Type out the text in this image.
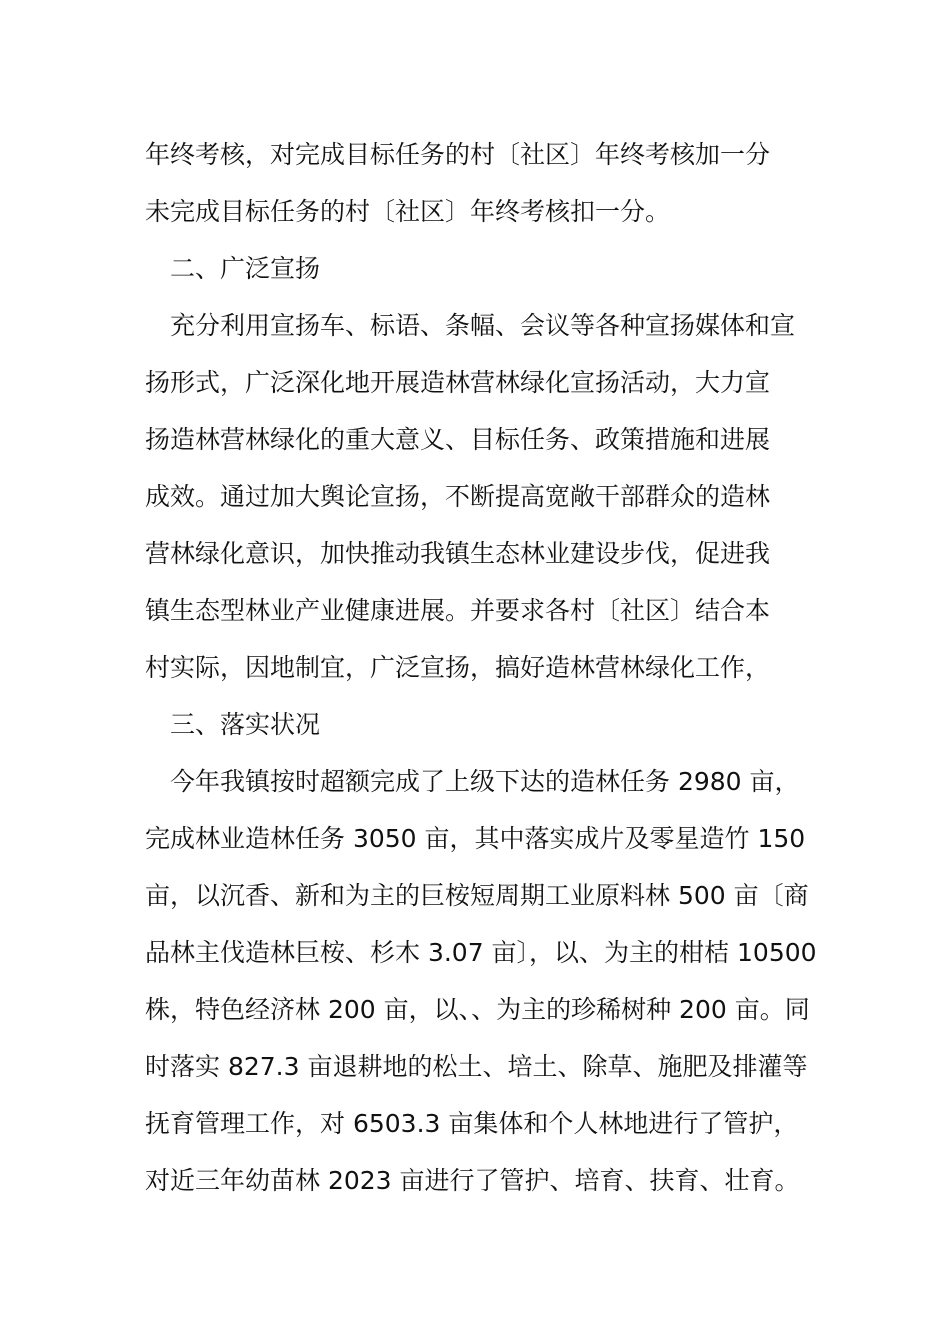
年终考核，对完成目标任务的村〔社区〕年终考核加一分
未完成目标任务的村〔社区〕年终考核扣一分。
二、广泛宣扬
充分利用宣扬车、标语、条幅、会议等各种宣扬媒体和宣
扬形式，广泛深化地开展造林营林绿化宣扬活动，大力宣
扬造林营林绿化的重大意义、目标任务、政策措施和进展
成效。通过加大舆论宣扬，不断提高宽敞干部群众的造林
营林绿化意识，加快推动我镇生态林业建设步伐，促进我
镇生态型林业产业健康进展。并要求各村〔社区〕结合本
村实际，因地制宜，广泛宣扬，搞好造林营林绿化工作，
三、落实状况
今年我镇按时超额完成了上级下达的造林任务 2980 亩，
完成林业造林任务 3050 亩，其中落实成片及零星造竹 150
亩，以沉香、新和为主的巨桉短周期工业原料林 500 亩〔商
品林主伐造林巨桉、杉木 3.07 亩〕，以、为主的柑桔 10500
株，特色经济林 200 亩，以、、为主的珍稀树种 200 亩。同
时落实 827.3 亩退耕地的松土、培土、除草、施肥及排灌等
抚育管理工作，对 6503.3 亩集体和个人林地进行了管护，
对近三年幼苗林 2023 亩进行了管护、培育、扶育、壮育。
